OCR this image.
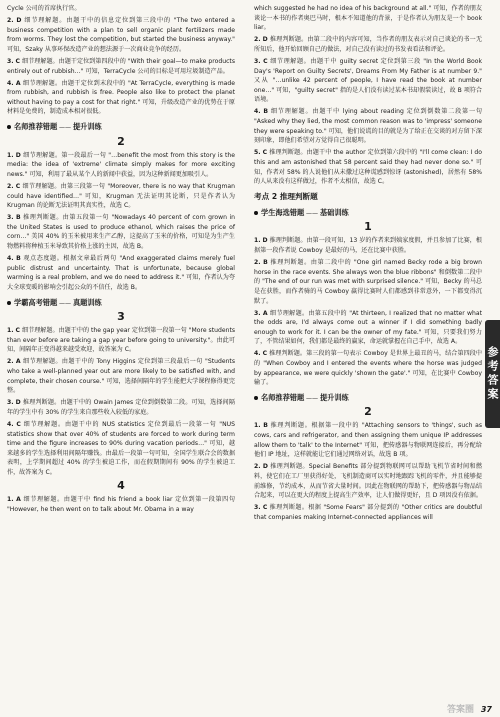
Cycle 公司的首席执行官。
2. D 细节理解题。由题干中的信息定位到第三段中的 "The two entered a business competition with a plan to sell organic plant fertilizers made from worms. They lost the competition, but started the business anyway." 可知，Szaky 从事环保改造产业的想法源于一次商业竞争的经历。
3. C 细节理解题。由题干定位到第四段中的 "With their goal—to make products entirely out of rubbish…" 可知，TerraCycle 公司的目标是可用垃圾制造产品。
4. A 细节理解题。由题干定位到末段中的 "At TerraCycle, everything is made from rubbish, and rubbish is free. People also like to protect the planet without having to pay a cost for that right." 可知，升级改造产业的优势在于原材料是免费的，制造成本相对很低。
名师推荐错题 —— 提升训练
2
1. D 细节理解题。第一段最后一句 "…benefit the most from this story is the media: the idea of 'extreme' climate simply makes for more exciting news." 可知，利用了最从某个人的新闻中获益，因为这种新闻更加吸引人。
2. C 细节理解题。由第三段第一句 "Moreover, there is no way that Krugman could have identified…" 可知，Krugman 无法证明其论断，只是作者认为 Krugman 的论断无法证明其真实性，故选 C。
3. B 推理判断题。由第五段第一句 "Nowadays 40 percent of corn grown in the United States is used to produce ethanol, which raises the price of corn…" 美国 40% 的玉米被用来生产乙醇，这提高了玉米的价格，可知是为生产生物燃料将种植玉米导致其价格上涨的主因，故选 B。
4. B 观点态度题。根据文章最后两句 "And exaggerated claims merely fuel public distrust and uncertainty. That is unfortunate, because global warming is a real problem, and we do need to address it." 可知，作者认为夸大全球变暖的影响会引起公众的不信任，故选 B。
学霸高考错题 —— 真题训练
3
1. C 细节理解题。由题干中的 the gap year 定位到第一段第一句 "More students than ever before are taking a gap year before going to university."。由此可知，间隔年正变得越来越受欢迎，故答案为 C。
2. A 细节理解题。由题干中的 Tony Higgins 定位到第三段最后一句 "Students who take a well-planned year out are more likely to be satisfied with, and complete, their chosen course." 可知，选择间隔年的学生能把大学课程修得更完整。
3. D 推理判断题。由题干中的 Owain James 定位到倒数第二段。可知，选择间隔年的学生中有 30% 的学生来自那些收入较低的家庭。
4. C 细节理解题。由题干中的 NUS statistics 定位到最后一段第一句 "NUS statistics show that over 40% of students are forced to work during term time and the figure increases to 90% during vacation periods…" 可知，越来越多的学生选择利用间隔年赚钱。由最后一段第一句可知，全国学生联合会的数据表明，上学期间超过 40% 的学生被迫工作，而在假期期间有 90% 的学生被迫工作，故答案为 C。
4
1. A 细节理解题。由题干中 find his friend a book liar 定位到第一段第四句 "However, he then went on to talk about Mr. Obama in a way
which suggested he had no idea of his background at all." 可知，作者的朋友谈论一本书的作者奥巴马时，根本不知道他的背景，于是作者认为朋友是一个 book liar。
2. D 推理判断题。由第二段中的内容可知，当作者的朋友表示对自己谈论的书一无所知后，他开始回顾自己的做法，对自己没有读过的书发表看法和评论。
3. C 细节理解题。由题干中 guilty secret 定位到第三段 "In the World Book Day's 'Report on Guilty Secrets', Dreams From My Father is at number 9." 又从 "…unlike 42 percent of people, I have read the book at number one…" 可知，"guilty secret" 指的是人们没有读过某本书却假装读过，故 B 项符合语境。
4. B 细节理解题。由题干中 lying about reading 定位到倒数第二段第一句 "Asked why they lied, the most common reason was to 'impress' someone they were speaking to." 可知，他们说谎的目的就是为了给正在交谈的对方留下深刻印象，即他们希望对方觉得自己很聪明。
5. C 推理判断题。由题干中 the author 定位到第六段中的 "I'll come clean: I do this and am astonished that 58 percent said they had never done so." 可知，作者对 58% 的人说他们从未撒过这种谎感到惊讶 (astonished)，居然有 58% 的人从来没有这样做过，作者不太相信，故选 C。
考点 2 推理判断题
学生海选错题 —— 基础训练
1
1. D 推理判断题。由第一段可知，13 岁的作者来到姨家度假，并且参加了比赛，根据第一段作者说 Cowboy 是最好的马，还在比赛中获胜。
2. B 推理判断题。由第二段中的 "One girl named Becky rode a big brown horse in the race events. She always won the blue ribbons" 和倒数第二段中的 "The end of our run was met with surprised silence." 可知，Becky 的马总是在获胜，而作者骑的马 Cowboy 赢得比赛时人们都感到非常意外，一下都变得沉默了。
3. A 细节理解题。由第五段中的 "At thirteen, I realized that no matter what the odds are, I'd always come out a winner if I did something badly enough to work for it. I can be the owner of my fate." 可知，只要我们努力了，不管结果如何，我们都是最终的赢家，命运就掌握在自己手中，故选 A。
4. C 推理判断题。第三段的第一句表示 Cowboy 是世界上最丑的马，结合第四段中的 "When Cowboy and I entered the events where the horse was judged by appearance, we were quickly 'shown the gate'." 可知，在比赛中 Cowboy 输了。
名师推荐错题 —— 提升训练
2
1. B 推理判断题。根据第一段中的 "Attaching sensors to 'things', such as cows, cars and refrigerator, and then assigning them unique IP addresses allow them to 'talk' to the Internet" 可知，把传感器与物联网连接后，再分配给他们 IP 地址，这样就能让它们通过网络对话，故选 B 项。
2. D 推理判断题。Special Benefits 部分提到物联网可以帮助飞机节省时间和燃料，使它们在工厂里获得好处，飞机制造商可以实时地跟踪飞机的零件，并且能够提前维修，节约成本，从而节省大量时间。因此在物联网的帮助下，把传感器与物品结合起来，可以在更大的程度上提高生产效率，让人们做得更好，且 D 项因没有依据。
3. C 推理判断题。根据 "Some Fears" 部分提到的 "Other critics are doubtful that companies making Internet-connected appliances will
参考答案
答案圈 37
